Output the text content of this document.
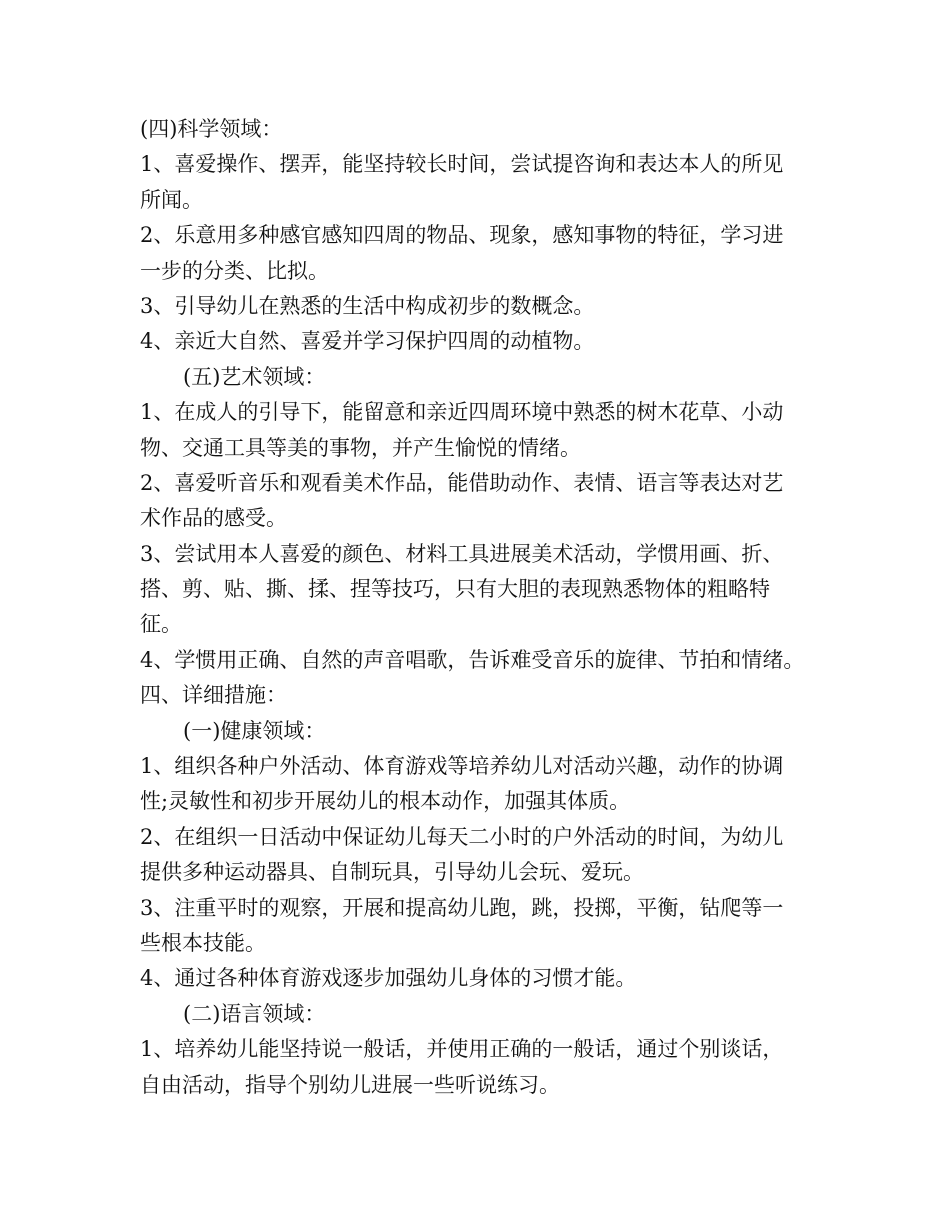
(四)科学领域：
1、喜爱操作、摆弄，能坚持较长时间，尝试提咨询和表达本人的所见
所闻。
2、乐意用多种感官感知四周的物品、现象，感知事物的特征，学习进
一步的分类、比拟。
3、引导幼儿在熟悉的生活中构成初步的数概念。
4、亲近大自然、喜爱并学习保护四周的动植物。
(五)艺术领域：
1、在成人的引导下，能留意和亲近四周环境中熟悉的树木花草、小动
物、交通工具等美的事物，并产生愉悦的情绪。
2、喜爱听音乐和观看美术作品，能借助动作、表情、语言等表达对艺
术作品的感受。
3、尝试用本人喜爱的颜色、材料工具进展美术活动，学惯用画、折、
搭、剪、贴、撕、揉、捏等技巧，只有大胆的表现熟悉物体的粗略特
征。
4、学惯用正确、自然的声音唱歌，告诉难受音乐的旋律、节拍和情绪。
四、详细措施：
(一)健康领域：
1、组织各种户外活动、体育游戏等培养幼儿对活动兴趣，动作的协调
性;灵敏性和初步开展幼儿的根本动作，加强其体质。
2、在组织一日活动中保证幼儿每天二小时的户外活动的时间，为幼儿
提供多种运动器具、自制玩具，引导幼儿会玩、爱玩。
3、注重平时的观察，开展和提高幼儿跑，跳，投掷，平衡，钻爬等一
些根本技能。
4、通过各种体育游戏逐步加强幼儿身体的习惯才能。
(二)语言领域：
1、培养幼儿能坚持说一般话，并使用正确的一般话，通过个别谈话，
自由活动，指导个别幼儿进展一些听说练习。
